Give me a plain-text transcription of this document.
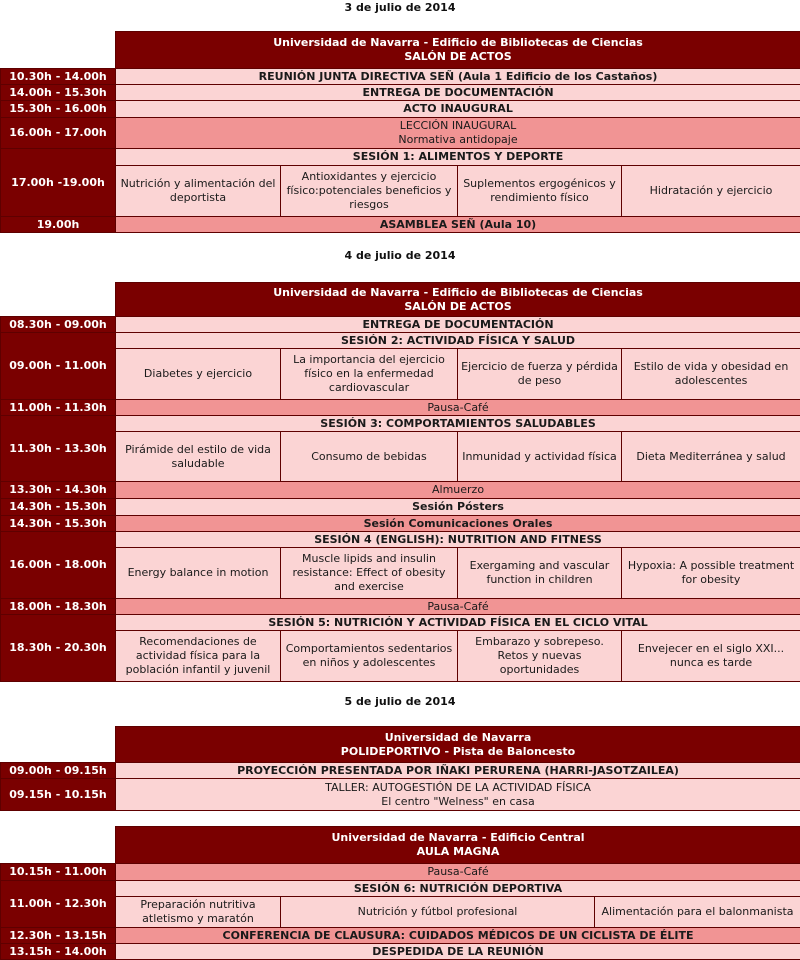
3 de julio de 2014

	Universidad de Navarra - Edificio de Bibliotecas de Ciencias
SALÓN DE ACTOS			

10.30h - 14.00h	REUNIÓN JUNTA DIRECTIVA SEÑ (Aula 1 Edificio de los Castaños)			
14.00h - 15.30h	ENTREGA DE DOCUMENTACIÓN			
15.30h - 16.00h	ACTO INAUGURAL			
16.00h - 17.00h	LECCIÓN INAUGURAL
Normativa antidopaje			

17.00h -19.00h	SESIÓN 1: ALIMENTOS Y DEPORTE			
	Nutrición y alimentación del deportista	Antioxidantes y ejercicio físico:potenciales beneficios y riesgos	Suplementos ergogénicos y rendimiento físico	Hidratación y ejercicio
19.00h	ASAMBLEA SEÑ (Aula 10)			
4 de julio de 2014

	Universidad de Navarra - Edificio de Bibliotecas de Ciencias
SALÓN DE ACTOS			

08.30h - 09.00h	ENTREGA DE DOCUMENTACIÓN			
09.00h - 11.00h	SESIÓN 2: ACTIVIDAD FÍSICA Y SALUD			
	Diabetes y ejercicio	La importancia del ejercicio físico en la enfermedad cardiovascular	Ejercicio de fuerza y pérdida de peso	Estilo de vida y obesidad en adolescentes
11.00h - 11.30h	Pausa-Café			
11.30h - 13.30h	SESIÓN 3: COMPORTAMIENTOS SALUDABLES			
	Pirámide del estilo de vida saludable	Consumo de bebidas	Inmunidad y actividad física	Dieta Mediterránea y salud
13.30h - 14.30h	Almuerzo			
14.30h - 15.30h	Sesión Pósters			
14.30h - 15.30h	Sesión Comunicaciones Orales			
16.00h - 18.00h	SESIÓN 4 (ENGLISH): NUTRITION AND FITNESS			
	Energy balance in motion	Muscle lipids and insulin resistance: Effect of obesity and exercise	Exergaming and vascular function in children	Hypoxia: A possible treatment for obesity
18.00h - 18.30h	Pausa-Café			
18.30h - 20.30h	SESIÓN 5: NUTRICIÓN Y ACTIVIDAD FÍSICA EN EL CICLO VITAL			
	Recomendaciones de actividad física para la población infantil y juvenil	Comportamientos sedentarios en niños y adolescentes	Embarazo y sobrepeso. Retos y nuevas oportunidades	Envejecer en el siglo XXI... nunca es tarde
5 de julio de 2014

	Universidad de Navarra
POLIDEPORTIVO - Pista de Baloncesto

09.00h - 09.15h	PROYECCIÓN PRESENTADA POR IÑAKI PERURENA (HARRI-JASOTZAILEA)
09.15h - 10.15h	TALLER: AUTOGESTIÓN DE LA ACTIVIDAD FÍSICA
El centro "Welness" en casa

	Universidad de Navarra - Edificio Central
AULA MAGNA		

10.15h - 11.00h	Pausa-Café		
11.00h - 12.30h	SESIÓN 6: NUTRICIÓN DEPORTIVA		
	Preparación nutritiva atletismo y maratón	Nutrición y fútbol profesional	Alimentación para el balonmanista
12.30h - 13.15h	CONFERENCIA DE CLAUSURA: CUIDADOS MÉDICOS DE UN CICLISTA DE ÉLITE		
13.15h - 14.00h	DESPEDIDA DE LA REUNIÓN		
